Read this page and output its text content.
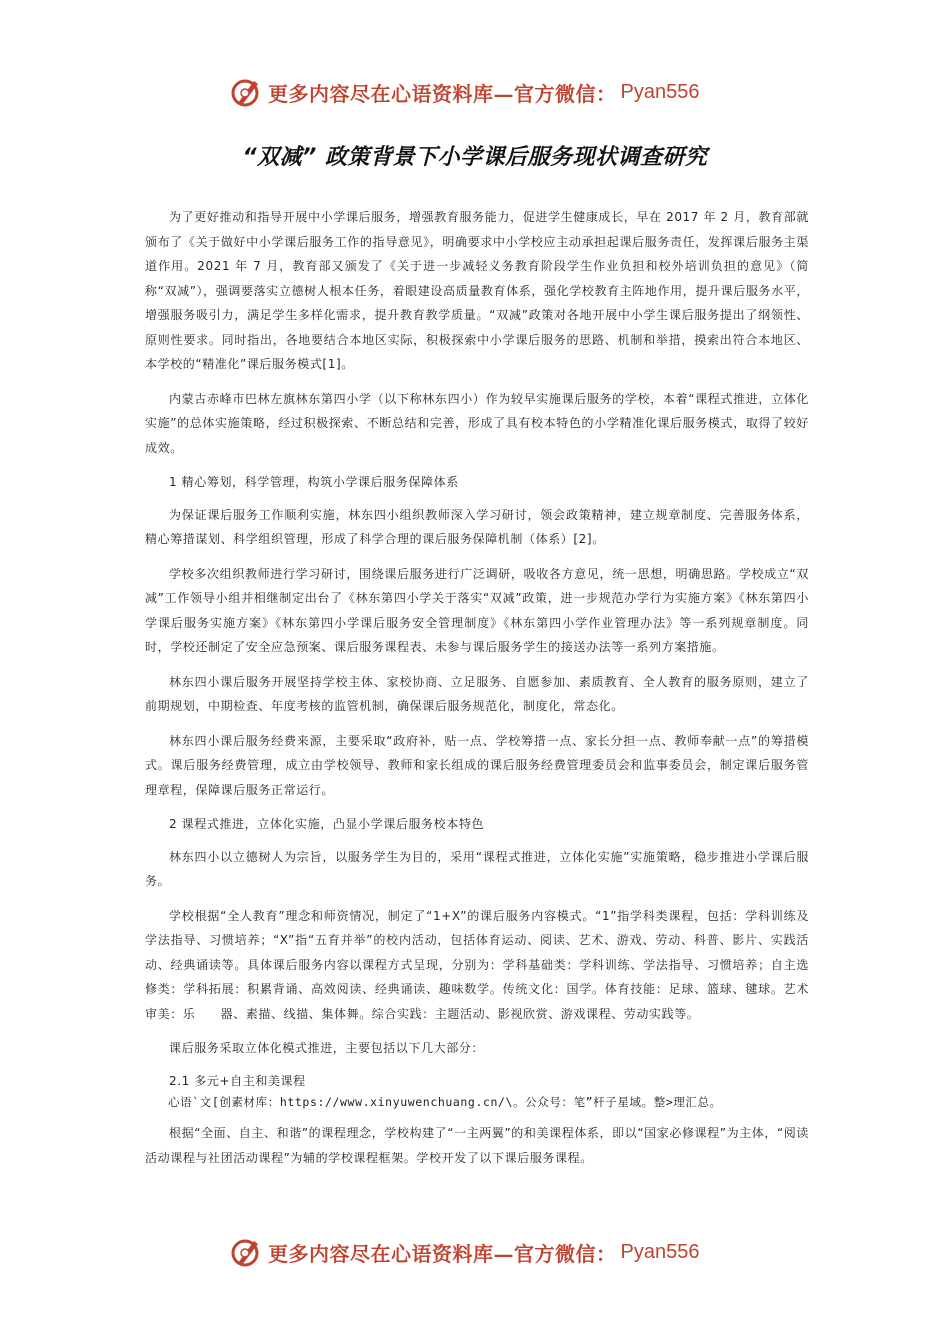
更多内容尽在心语资料库—官方微信： Pyan556
“双减” 政策背景下小学课后服务现状调查研究

为了更好推动和指导开展中小学课后服务，增强教育服务能力，促进学生健康成长，早在 2017 年 2 月，教育部就颁布了《关于做好中小学课后服务工作的指导意见》，明确要求中小学校应主动承担起课后服务责任，发挥课后服务主渠道作用。2021 年 7 月，教育部又颁发了《关于进一步减轻义务教育阶段学生作业负担和校外培训负担的意见》（简称“双减”），强调要落实立德树人根本任务，着眼建设高质量教育体系，强化学校教育主阵地作用，提升课后服务水平，增强服务吸引力，满足学生多样化需求，提升教育教学质量。“双减”政策对各地开展中小学生课后服务提出了纲领性、原则性要求。同时指出，各地要结合本地区实际，积极探索中小学课后服务的思路、机制和举措，摸索出符合本地区、本学校的“精准化”课后服务模式[1]。

内蒙古赤峰市巴林左旗林东第四小学（以下称林东四小）作为较早实施课后服务的学校，本着“课程式推进，立体化实施”的总体实施策略，经过积极探索、不断总结和完善，形成了具有校本特色的小学精准化课后服务模式，取得了较好成效。

1 精心筹划，科学管理，构筑小学课后服务保障体系

为保证课后服务工作顺利实施，林东四小组织教师深入学习研讨，领会政策精神，建立规章制度、完善服务体系，精心筹措谋划、科学组织管理，形成了科学合理的课后服务保障机制（体系）[2]。

学校多次组织教师进行学习研讨，围绕课后服务进行广泛调研，吸收各方意见，统一思想，明确思路。学校成立“双减”工作领导小组并相继制定出台了《林东第四小学关于落实“双减”政策，进一步规范办学行为实施方案》《林东第四小学课后服务实施方案》《林东第四小学课后服务安全管理制度》《林东第四小学作业管理办法》等一系列规章制度。同时，学校还制定了安全应急预案、课后服务课程表、未参与课后服务学生的接送办法等一系列方案措施。

林东四小课后服务开展坚持学校主体、家校协商、立足服务、自愿参加、素质教育、全人教育的服务原则，建立了前期规划，中期检查、年度考核的监管机制，确保课后服务规范化，制度化，常态化。

林东四小课后服务经费来源，主要采取“政府补，贴一点、学校筹措一点、家长分担一点、教师奉献一点”的筹措模式。课后服务经费管理，成立由学校领导、教师和家长组成的课后服务经费管理委员会和监事委员会，制定课后服务管理章程，保障课后服务正常运行。

2 课程式推进，立体化实施，凸显小学课后服务校本特色

林东四小以立德树人为宗旨，以服务学生为目的，采用“课程式推进，立体化实施”实施策略，稳步推进小学课后服务。

学校根据“全人教育”理念和师资情况，制定了“1+X”的课后服务内容模式。“1”指学科类课程，包括：学科训练及学法指导、习惯培养；“X”指“五育并举”的校内活动，包括体育运动、阅读、艺术、游戏、劳动、科普、影片、实践活动、经典诵读等。具体课后服务内容以课程方式呈现，分别为：学科基础类：学科训练、学法指导、习惯培养；自主选修类：学科拓展：积累背诵、高效阅读、经典诵读、趣味数学。传统文化：国学。体育技能：足球、篮球、毽球。艺术审美：乐　　器、素描、线描、集体舞。综合实践：主题活动、影视欣赏、游戏课程、劳动实践等。

课后服务采取立体化模式推进，主要包括以下几大部分：

2.1 多元+自主和美课程

心语`文[创素材库：https://www.xinyuwenchuang.cn/\。公众号：笔”杆子星域。整>理汇总。

根据“全面、自主、和谐”的课程理念，学校构建了“一主两翼”的和美课程体系，即以“国家必修课程”为主体，“阅读活动课程与社团活动课程”为辅的学校课程框架。学校开发了以下课后服务课程。

更多内容尽在心语资料库—官方微信： Pyan556
